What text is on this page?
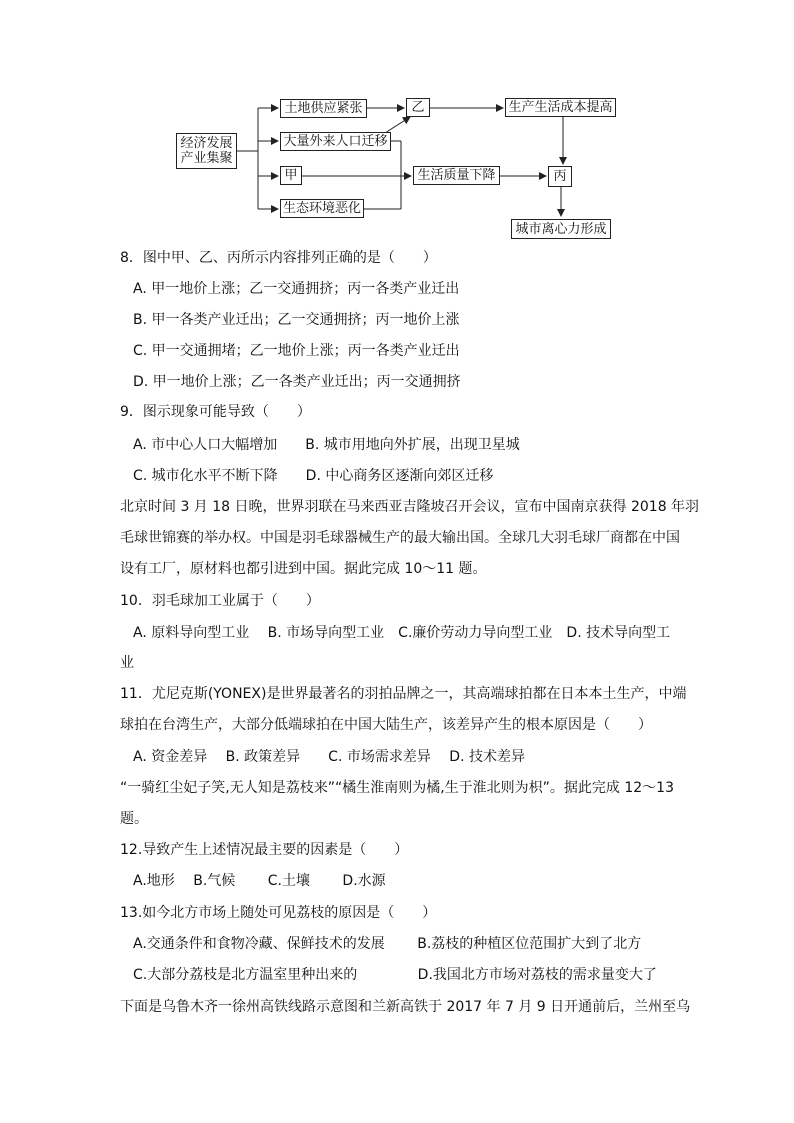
经济发展
产业集聚
土地供应紧张
大量外来人口迁移
甲
生态环境恶化
乙	生产生活成本提高
生活质量下降	丙
城市离心力形成
8．图中甲、乙、丙所示内容排列正确的是（　　）
A. 甲一地价上涨；乙一交通拥挤；丙一各类产业迁出
B. 甲一各类产业迁出；乙一交通拥挤；丙一地价上涨
C. 甲一交通拥堵；乙一地价上涨；丙一各类产业迁出
D. 甲一地价上涨；乙一各类产业迁出；丙一交通拥挤
9．图示现象可能导致（　　）
A. 市中心人口大幅增加　　B. 城市用地向外扩展，出现卫星城
C. 城市化水平不断下降　　D. 中心商务区逐渐向郊区迁移
北京时间 3 月 18 日晚，世界羽联在马来西亚吉隆坡召开会议，宣布中国南京获得 2018 年羽
毛球世锦赛的举办权。中国是羽毛球器械生产的最大输出国。全球几大羽毛球厂商都在中国
设有工厂，原材料也都引进到中国。据此完成 10～11 题。
10．羽毛球加工业属于（　　）
A. 原料导向型工业　 B. 市场导向型工业　C.廉价劳动力导向型工业　D. 技术导向型工
业
11．尤尼克斯(YONEX)是世界最著名的羽拍品牌之一，其高端球拍都在日本本土生产，中端
球拍在台湾生产，大部分低端球拍在中国大陆生产，该差异产生的根本原因是（　　）
A. 资金差异　 B. 政策差异　　C. 市场需求差异　 D. 技术差异
“一骑红尘妃子笑,无人知是荔枝来”“橘生淮南则为橘,生于淮北则为枳”。据此完成 12～13
题。
12.导致产生上述情况最主要的因素是（　　）
A.地形　 B.气候　　 C.土壤　　 D.水源
13.如今北方市场上随处可见荔枝的原因是（　　）
A.交通条件和食物冷藏、保鲜技术的发展　　 B.荔枝的种植区位范围扩大到了北方
C.大部分荔枝是北方温室里种出来的　　　　 D.我国北方市场对荔枝的需求量变大了
下面是乌鲁木齐一徐州高铁线路示意图和兰新高铁于 2017 年 7 月 9 日开通前后，兰州至乌
